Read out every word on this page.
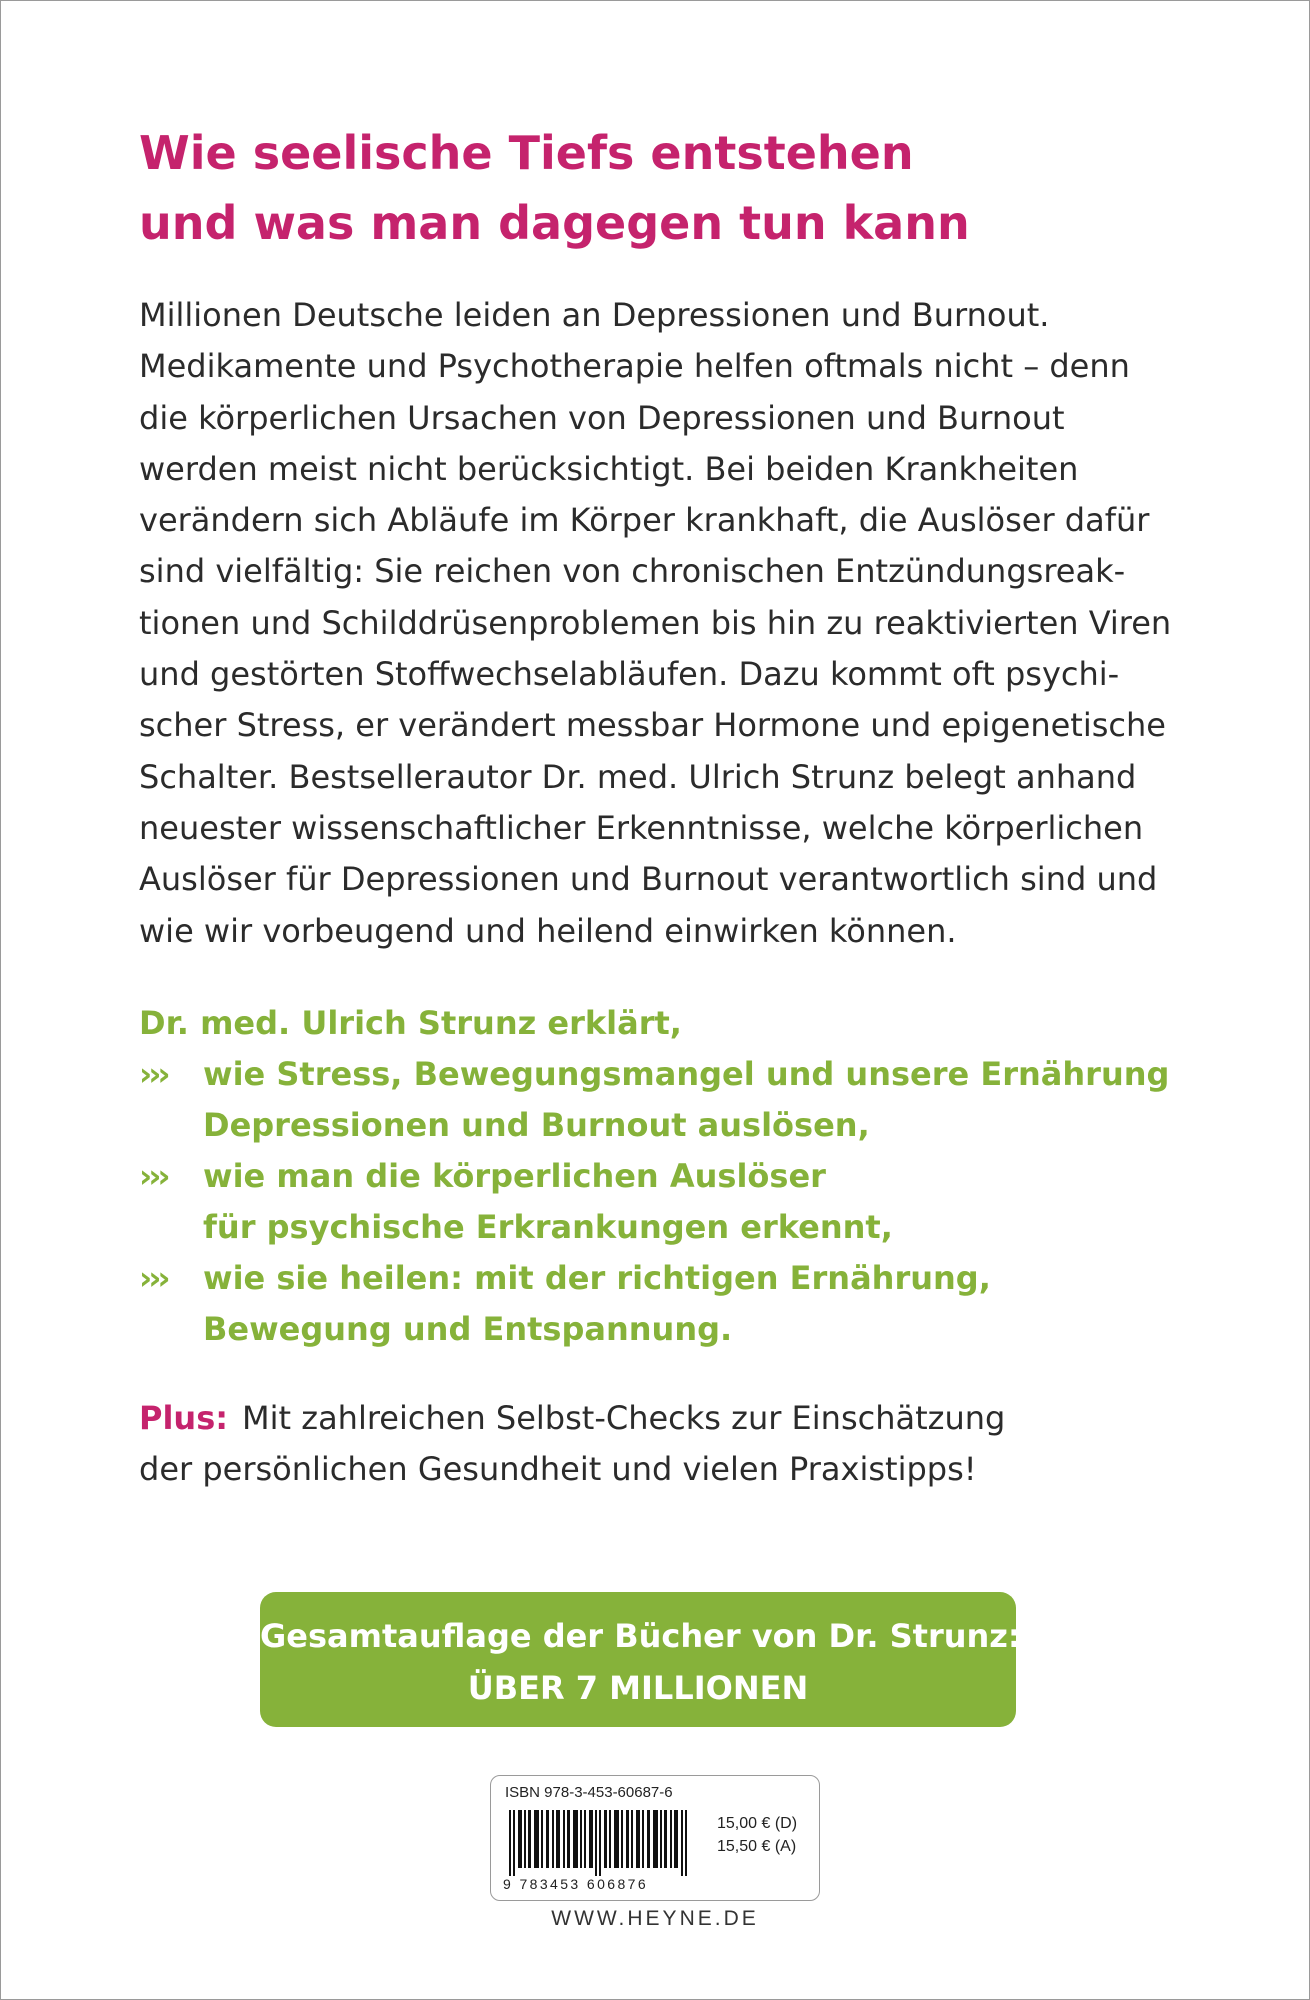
Wie seelische Tiefs entstehen
und was man dagegen tun kann
Millionen Deutsche leiden an Depressionen und Burnout.
Medikamente und Psychotherapie helfen oftmals nicht – denn
die körperlichen Ursachen von Depressionen und Burnout
werden meist nicht berücksichtigt. Bei beiden Krankheiten
verändern sich Abläufe im Körper krankhaft, die Auslöser dafür
sind vielfältig: Sie reichen von chronischen Entzündungsreak-
tionen und Schilddrüsenproblemen bis hin zu reaktivierten Viren
und gestörten Stoffwechselabläufen. Dazu kommt oft psychi-
scher Stress, er verändert messbar Hormone und epigenetische
Schalter. Bestsellerautor Dr. med. Ulrich Strunz belegt anhand
neuester wissenschaftlicher Erkenntnisse, welche körperlichen
Auslöser für Depressionen und Burnout verantwortlich sind und
wie wir vorbeugend und heilend einwirken können.
Dr. med. Ulrich Strunz erklärt,
›››	wie Stress, Bewegungsmangel und unsere Ernährung
Depressionen und Burnout auslösen,
›››	wie man die körperlichen Auslöser
für psychische Erkrankungen erkennt,
›››	wie sie heilen: mit der richtigen Ernährung,
Bewegung und Entspannung.
Plus: Mit zahlreichen Selbst-Checks zur Einschätzung
der persönlichen Gesundheit und vielen Praxistipps!
Gesamtauflage der Bücher von Dr. Strunz:
ÜBER 7 MILLIONEN
ISBN 978-3-453-60687-6
9 783453 606876
15,00 € (D)
15,50 € (A)
WWW.HEYNE.DE
